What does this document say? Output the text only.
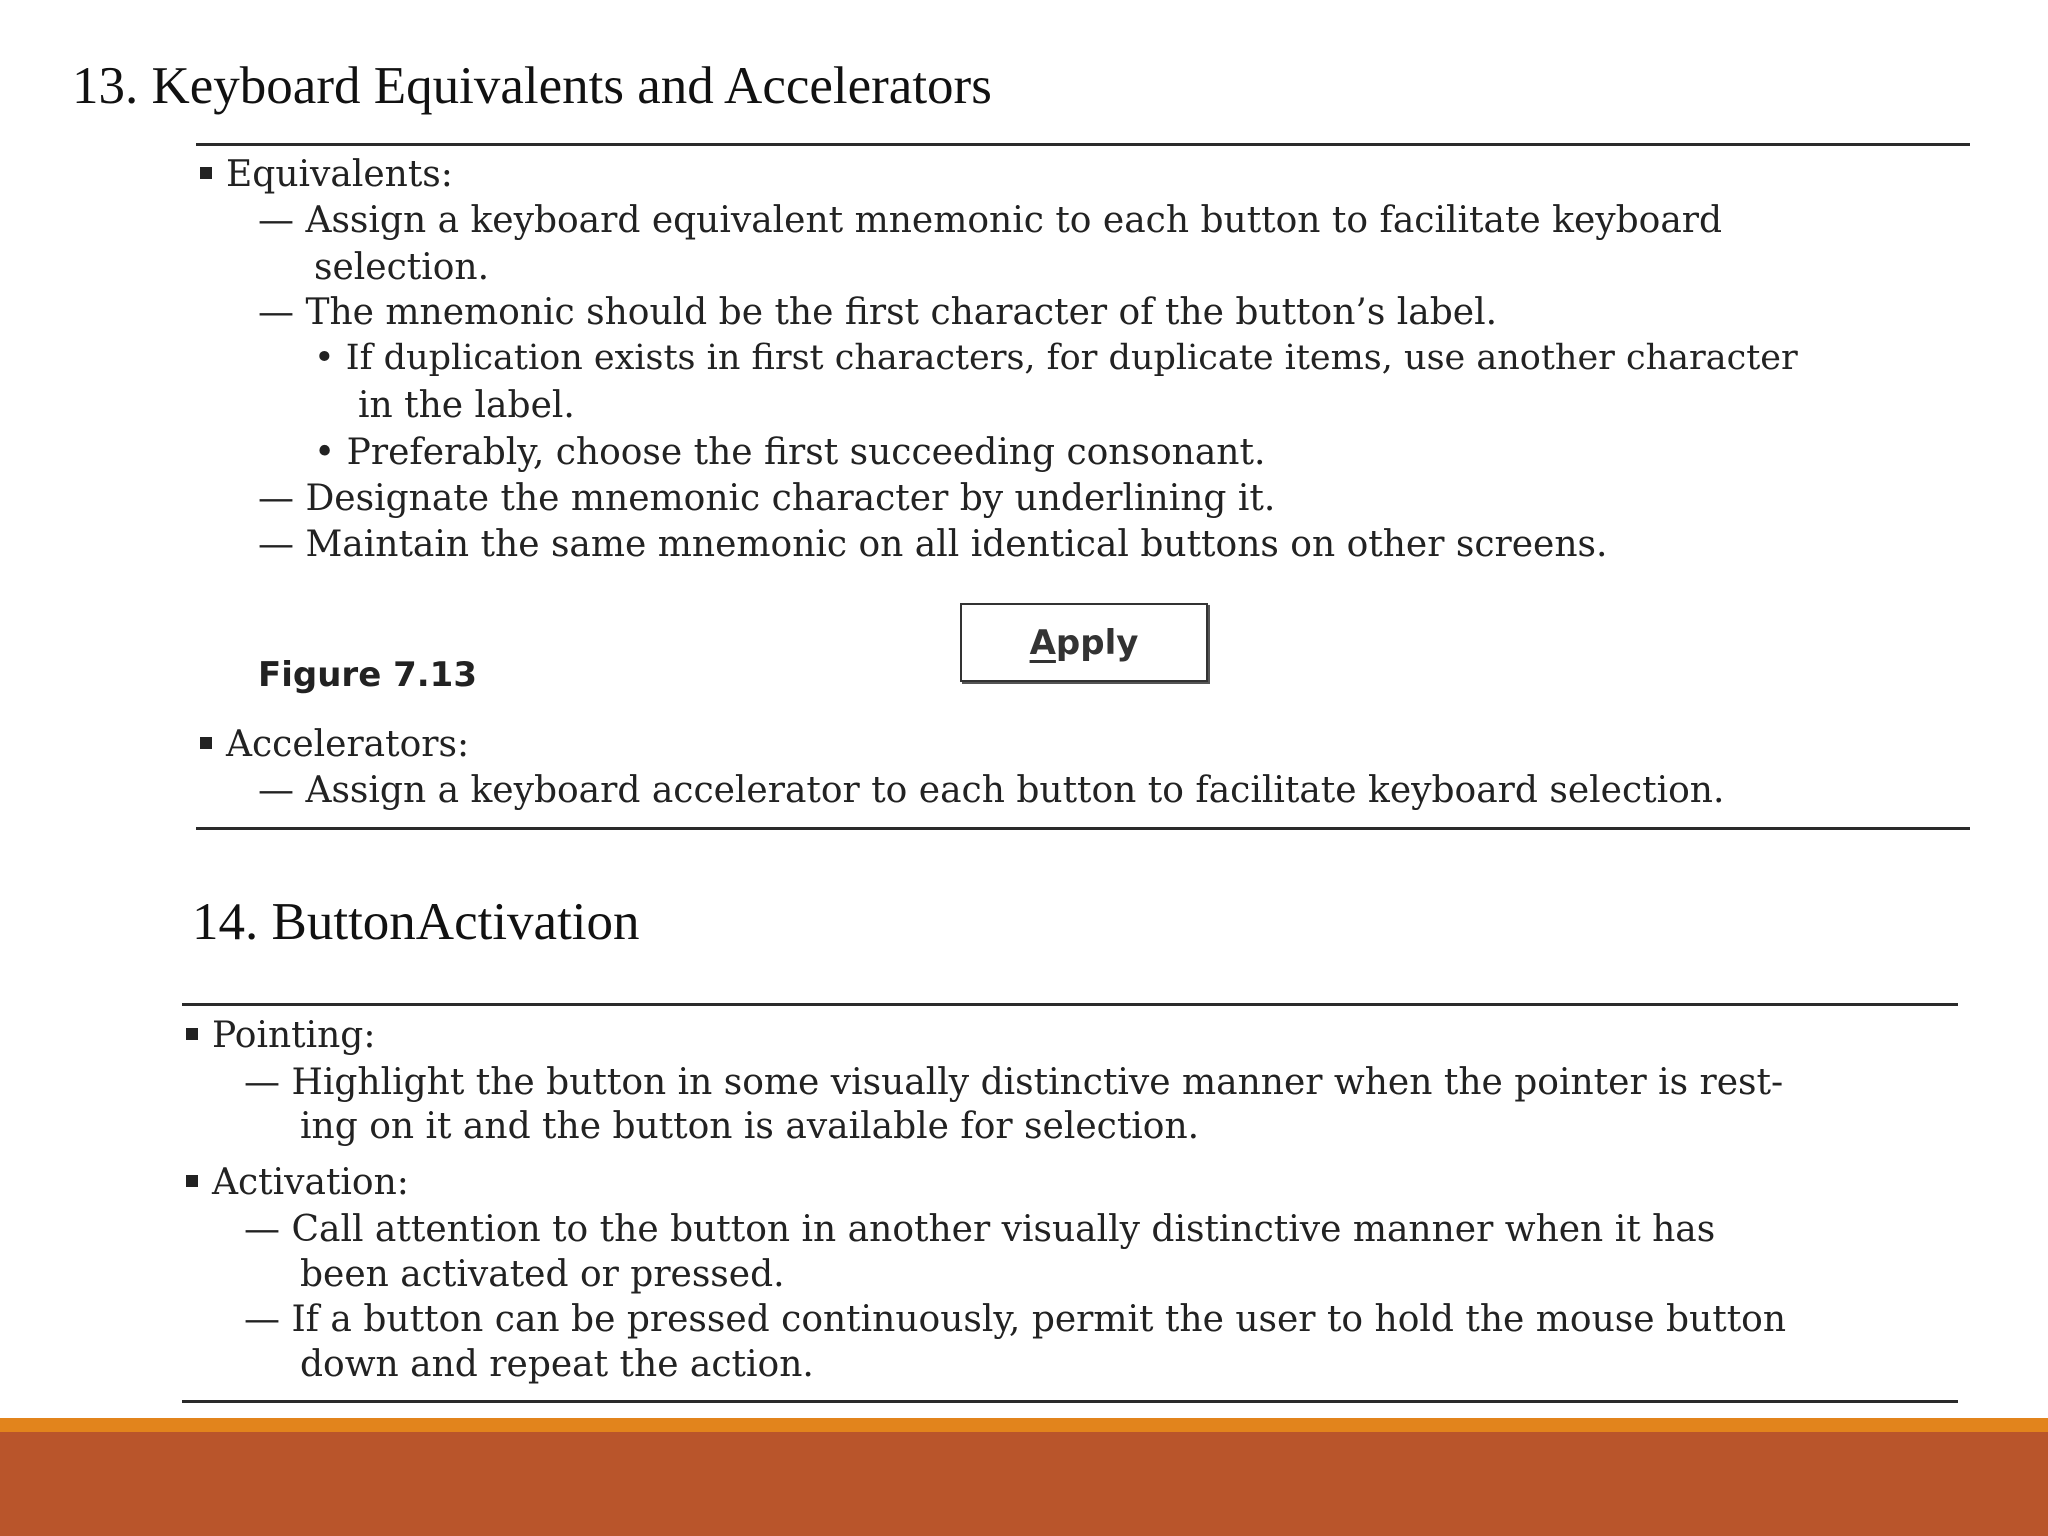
13. Keyboard Equivalents and Accelerators
Equivalents:
— Assign a keyboard equivalent mnemonic to each button to facilitate keyboard
selection.
— The mnemonic should be the first character of the button’s label.
• If duplication exists in first characters, for duplicate items, use another character
in the label.
• Preferably, choose the first succeeding consonant.
— Designate the mnemonic character by underlining it.
— Maintain the same mnemonic on all identical buttons on other screens.
Figure 7.13
A pply
Accelerators:
— Assign a keyboard accelerator to each button to facilitate keyboard selection.
14. ButtonActivation
Pointing:
— Highlight the button in some visually distinctive manner when the pointer is rest-
ing on it and the button is available for selection.
Activation:
— Call attention to the button in another visually distinctive manner when it has
been activated or pressed.
— If a button can be pressed continuously, permit the user to hold the mouse button
down and repeat the action.
